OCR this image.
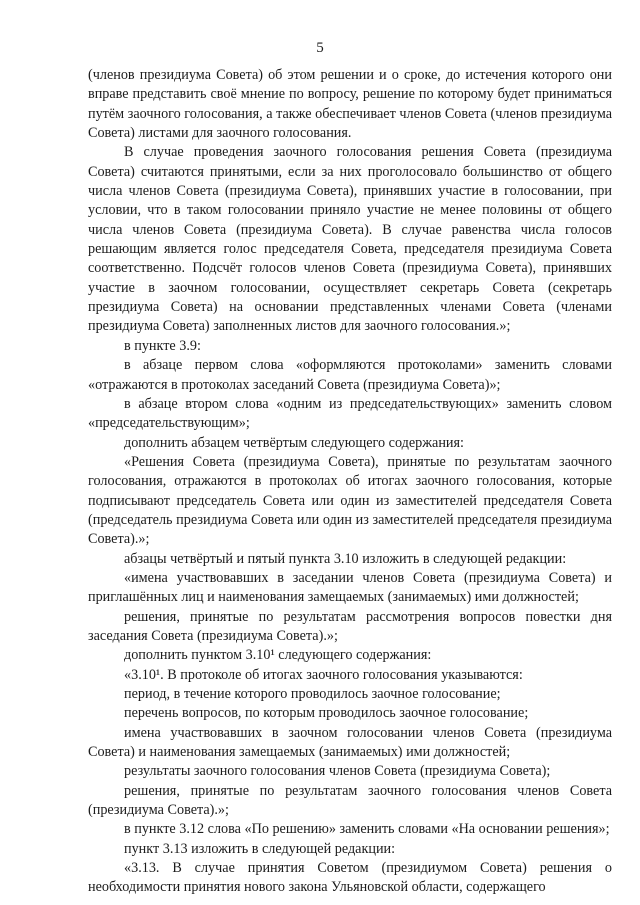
5

(членов президиума Совета) об этом решении и о сроке, до истечения которого они вправе представить своё мнение по вопросу, решение по которому будет приниматься путём заочного голосования, а также обеспечивает членов Совета (членов президиума Совета) листами для заочного голосования.

В случае проведения заочного голосования решения Совета (президиума Совета) считаются принятыми, если за них проголосовало большинство от общего числа членов Совета (президиума Совета), принявших участие в голосовании, при условии, что в таком голосовании приняло участие не менее половины от общего числа членов Совета (президиума Совета). В случае равенства числа голосов решающим является голос председателя Совета, председателя президиума Совета соответственно. Подсчёт голосов членов Совета (президиума Совета), принявших участие в заочном голосовании, осуществляет секретарь Совета (секретарь президиума Совета) на основании представленных членами Совета (членами президиума Совета) заполненных листов для заочного голосования.»;

в пункте 3.9:

в абзаце первом слова «оформляются протоколами» заменить словами «отражаются в протоколах заседаний Совета (президиума Совета)»;

в абзаце втором слова «одним из председательствующих» заменить словом «председательствующим»;

дополнить абзацем четвёртым следующего содержания:

«Решения Совета (президиума Совета), принятые по результатам заочного голосования, отражаются в протоколах об итогах заочного голосования, которые подписывают председатель Совета или один из заместителей председателя Совета (председатель президиума Совета или один из заместителей председателя президиума Совета).»;

абзацы четвёртый и пятый пункта 3.10 изложить в следующей редакции:

«имена участвовавших в заседании членов Совета (президиума Совета) и приглашённых лиц и наименования замещаемых (занимаемых) ими должностей;

решения, принятые по результатам рассмотрения вопросов повестки дня заседания Совета (президиума Совета).»;

дополнить пунктом 3.10¹ следующего содержания:

«3.10¹. В протоколе об итогах заочного голосования указываются:

период, в течение которого проводилось заочное голосование;

перечень вопросов, по которым проводилось заочное голосование;

имена участвовавших в заочном голосовании членов Совета (президиума Совета) и наименования замещаемых (занимаемых) ими должностей;

результаты заочного голосования членов Совета (президиума Совета);

решения, принятые по результатам заочного голосования членов Совета (президиума Совета).»;

в пункте 3.12 слова «По решению» заменить словами «На основании решения»;

пункт 3.13 изложить в следующей редакции:

«3.13. В случае принятия Советом (президиумом Совета) решения о необходимости принятия нового закона Ульяновской области, содержащего
